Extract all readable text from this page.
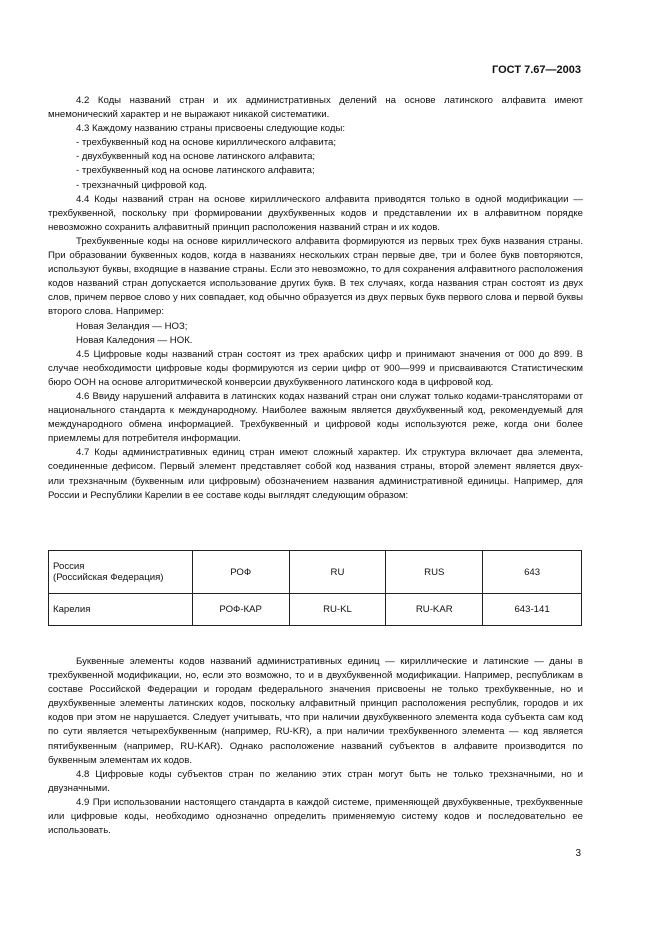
ГОСТ 7.67—2003

4.2 Коды названий стран и их административных делений на основе латинского алфавита имеют мнемонический характер и не выражают никакой систематики.

4.3 Каждому названию страны присвоены следующие коды:

- трехбуквенный код на основе кириллического алфавита;

- двухбуквенный код на основе латинского алфавита;

- трехбуквенный код на основе латинского алфавита;

- трехзначный цифровой код.

4.4 Коды названий стран на основе кириллического алфавита приводятся только в одной модификации — трехбуквенной, поскольку при формировании двухбуквенных кодов и представлении их в алфавитном порядке невозможно сохранить алфавитный принцип расположения названий стран и их кодов.

Трехбуквенные коды на основе кириллического алфавита формируются из первых трех букв названия страны. При образовании буквенных кодов, когда в названиях нескольких стран первые две, три и более букв повторяются, используют буквы, входящие в название страны. Если это невозможно, то для сохранения алфавитного расположения кодов названий стран допускается использование других букв. В тех случаях, когда названия стран состоят из двух слов, причем первое слово у них совпадает, код обычно образуется из двух первых букв первого слова и первой буквы второго слова. Например:

Новая Зеландия — НОЗ;

Новая Каледония — НОК.

4.5 Цифровые коды названий стран состоят из трех арабских цифр и принимают значения от 000 до 899. В случае необходимости цифровые коды формируются из серии цифр от 900—999 и присваиваются Статистическим бюро ООН на основе алгоритмической конверсии двухбуквенного латинского кода в цифровой код.

4.6 Ввиду нарушений алфавита в латинских кодах названий стран они служат только кодами-трансляторами от национального стандарта к международному. Наиболее важным является двухбуквенный код, рекомендуемый для международного обмена информацией. Трехбуквенный и цифровой коды используются реже, когда они более приемлемы для потребителя информации.

4.7 Коды административных единиц стран имеют сложный характер. Их структура включает два элемента, соединенные дефисом. Первый элемент представляет собой код названия страны, второй элемент является двух- или трехзначным (буквенным или цифровым) обозначением названия административной единицы. Например, для России и Республики Карелии в ее составе коды выглядят следующим образом:

Россия
(Российская Федерация)	РОФ	RU	RUS	643

Карелия	РОФ-КАР	RU-KL	RU-KAR	643-141

Буквенные элементы кодов названий административных единиц — кириллические и латинские — даны в трехбуквенной модификации, но, если это возможно, то и в двухбуквенной модификации. Например, республикам в составе Российской Федерации и городам федерального значения присвоены не только трехбуквенные, но и двухбуквенные элементы латинских кодов, поскольку алфавитный принцип расположения республик, городов и их кодов при этом не нарушается. Следует учитывать, что при наличии двухбуквенного элемента кода субъекта сам код по сути является четырехбуквенным (например, RU-KR), а при наличии трехбуквенного элемента — код является пятибуквенным (например, RU-KAR). Однако расположение названий субъектов в алфавите производится по буквенным элементам их кодов.

4.8 Цифровые коды субъектов стран по желанию этих стран могут быть не только трехзначными, но и двузначными.

4.9 При использовании настоящего стандарта в каждой системе, применяющей двухбуквенные, трехбуквенные или цифровые коды, необходимо однозначно определить применяемую систему кодов и последовательно ее использовать.

3
